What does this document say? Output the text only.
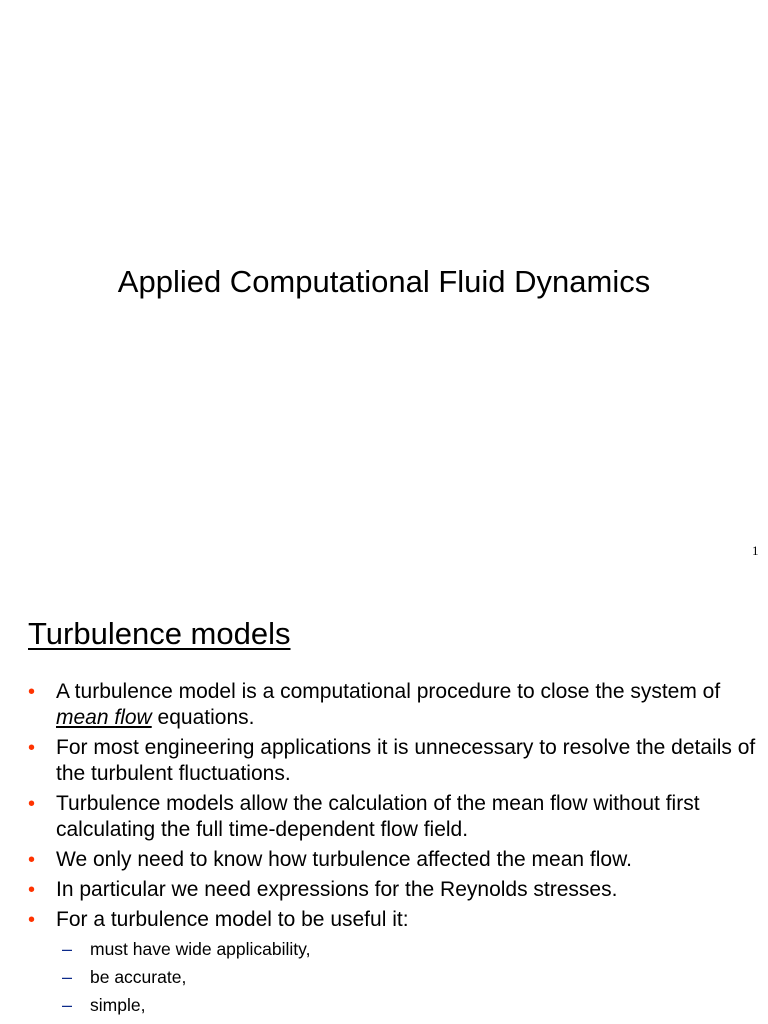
Applied Computational Fluid Dynamics
1
Turbulence models
• A turbulence model is a computational procedure to close the system of mean flow equations.
• For most engineering applications it is unnecessary to resolve the details of the turbulent fluctuations.
• Turbulence models allow the calculation of the mean flow without first calculating the full time-dependent flow field.
• We only need to know how turbulence affected the mean flow.
• In particular we need expressions for the Reynolds stresses.
• For a turbulence model to be useful it:
– must have wide applicability,
– be accurate,
– simple,
